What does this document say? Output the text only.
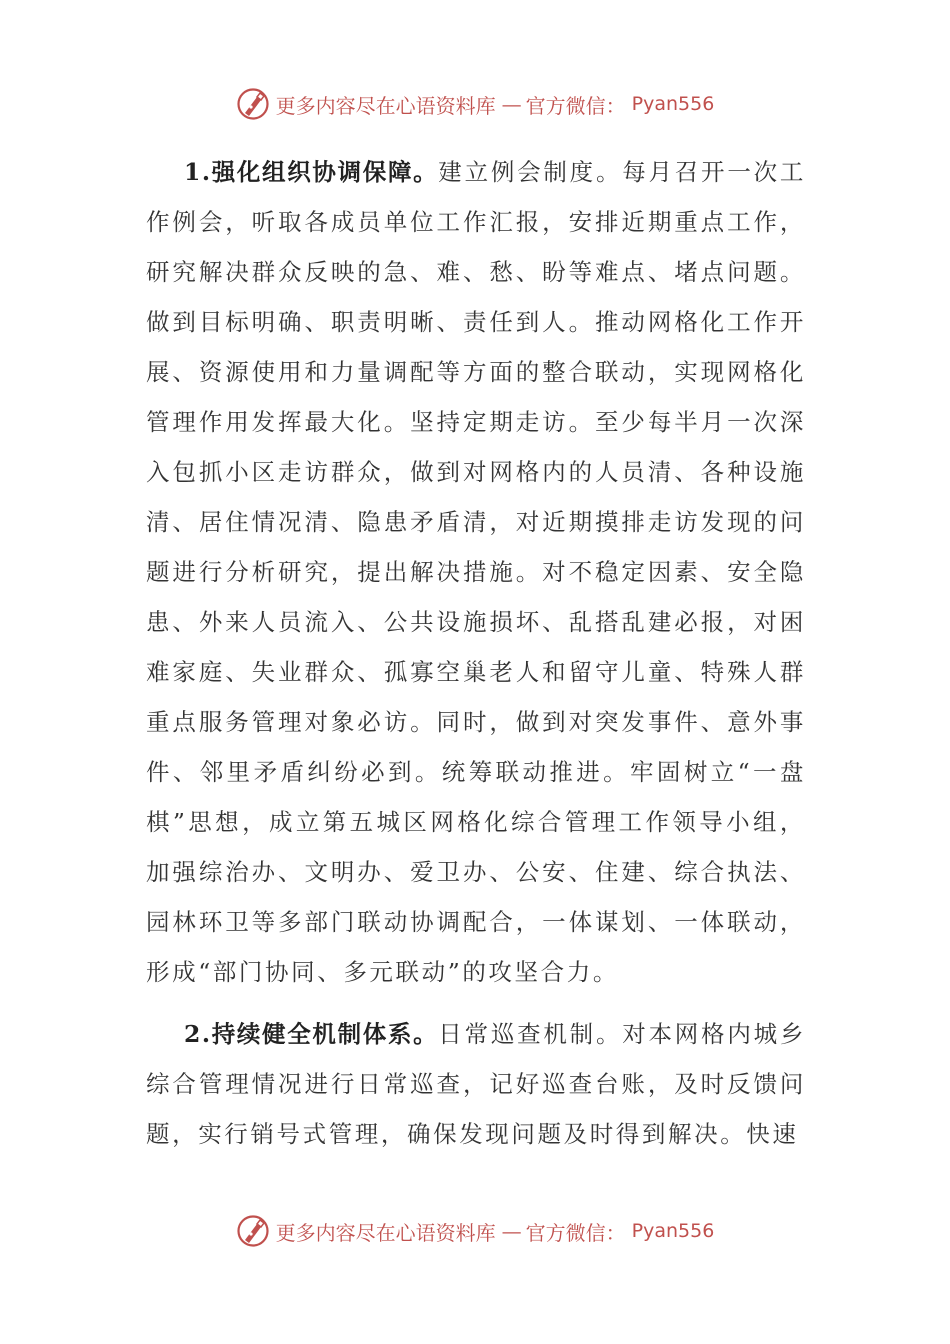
更多内容尽在心语资料库 — 官方微信： Pyan556

1.强化组织协调保障。建立例会制度。每月召开一次工作例会，听取各成员单位工作汇报，安排近期重点工作，研究解决群众反映的急、难、愁、盼等难点、堵点问题。做到目标明确、职责明晰、责任到人。推动网格化工作开展、资源使用和力量调配等方面的整合联动，实现网格化管理作用发挥最大化。坚持定期走访。至少每半月一次深入包抓小区走访群众，做到对网格内的人员清、各种设施清、居住情况清、隐患矛盾清，对近期摸排走访发现的问题进行分析研究，提出解决措施。对不稳定因素、安全隐患、外来人员流入、公共设施损坏、乱搭乱建必报，对困难家庭、失业群众、孤寡空巢老人和留守儿童、特殊人群重点服务管理对象必访。同时，做到对突发事件、意外事件、邻里矛盾纠纷必到。统筹联动推进。牢固树立“一盘棋”思想，成立第五城区网格化综合管理工作领导小组，加强综治办、文明办、爱卫办、公安、住建、综合执法、园林环卫等多部门联动协调配合，一体谋划、一体联动，形成“部门协同、多元联动”的攻坚合力。

2.持续健全机制体系。日常巡查机制。对本网格内城乡综合管理情况进行日常巡查，记好巡查台账，及时反馈问题，实行销号式管理，确保发现问题及时得到解决。快速

更多内容尽在心语资料库 — 官方微信： Pyan556
